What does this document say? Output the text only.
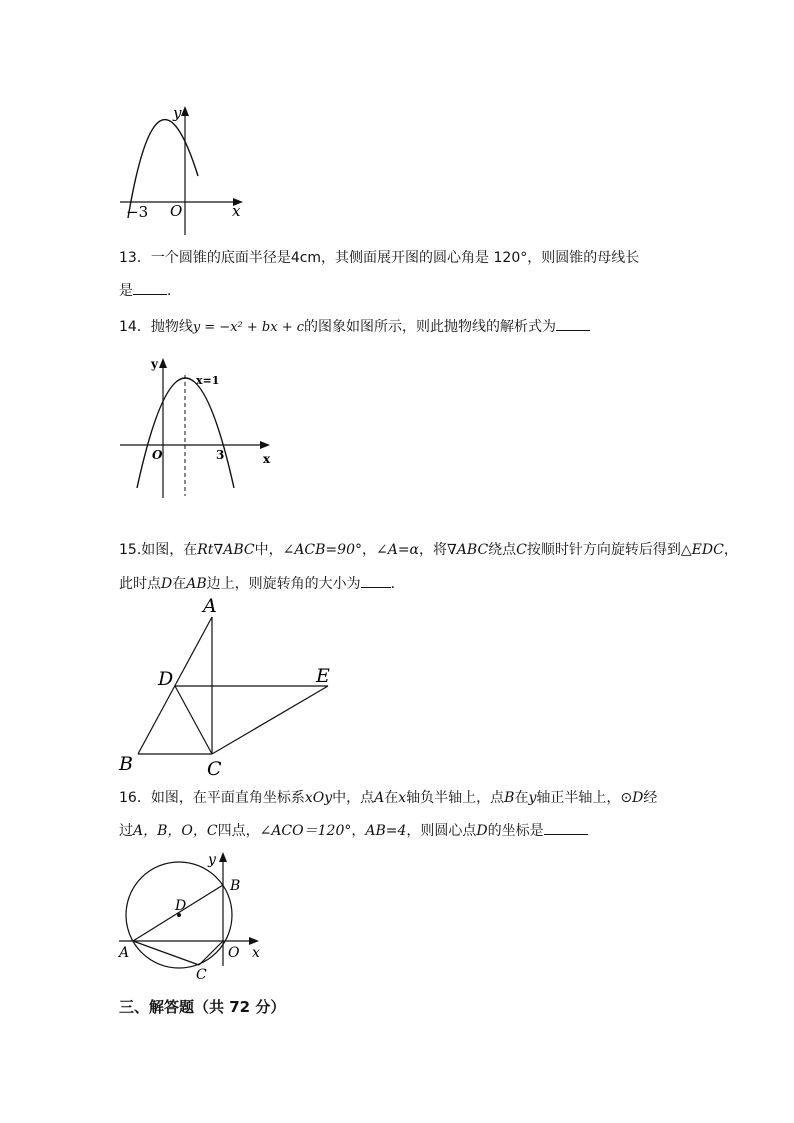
y
x
O
−3
13．一个圆锥的底面半径是4cm，其侧面展开图的圆心角是 120°，则圆锥的母线长
是 ．
14．抛物线y = −x² + bx + c的图象如图所示，则此抛物线的解析式为
y
x
O	3
x=1
15.如图，在Rt∇ABC中，∠ACB=90°，∠A=α，将∇ABC绕点C按顺时针方向旋转后得到△EDC，
此时点D在AB边上，则旋转角的大小为 ．
A
D	E
B	C
16．如图，在平面直角坐标系xOy中，点A在x轴负半轴上，点B在y轴正半轴上，⊙D经
过A，B，O，C四点，∠ACO＝120°，AB=4，则圆心点D的坐标是
y
B
D
A	O x
C
三、解答题（共 72 分）
